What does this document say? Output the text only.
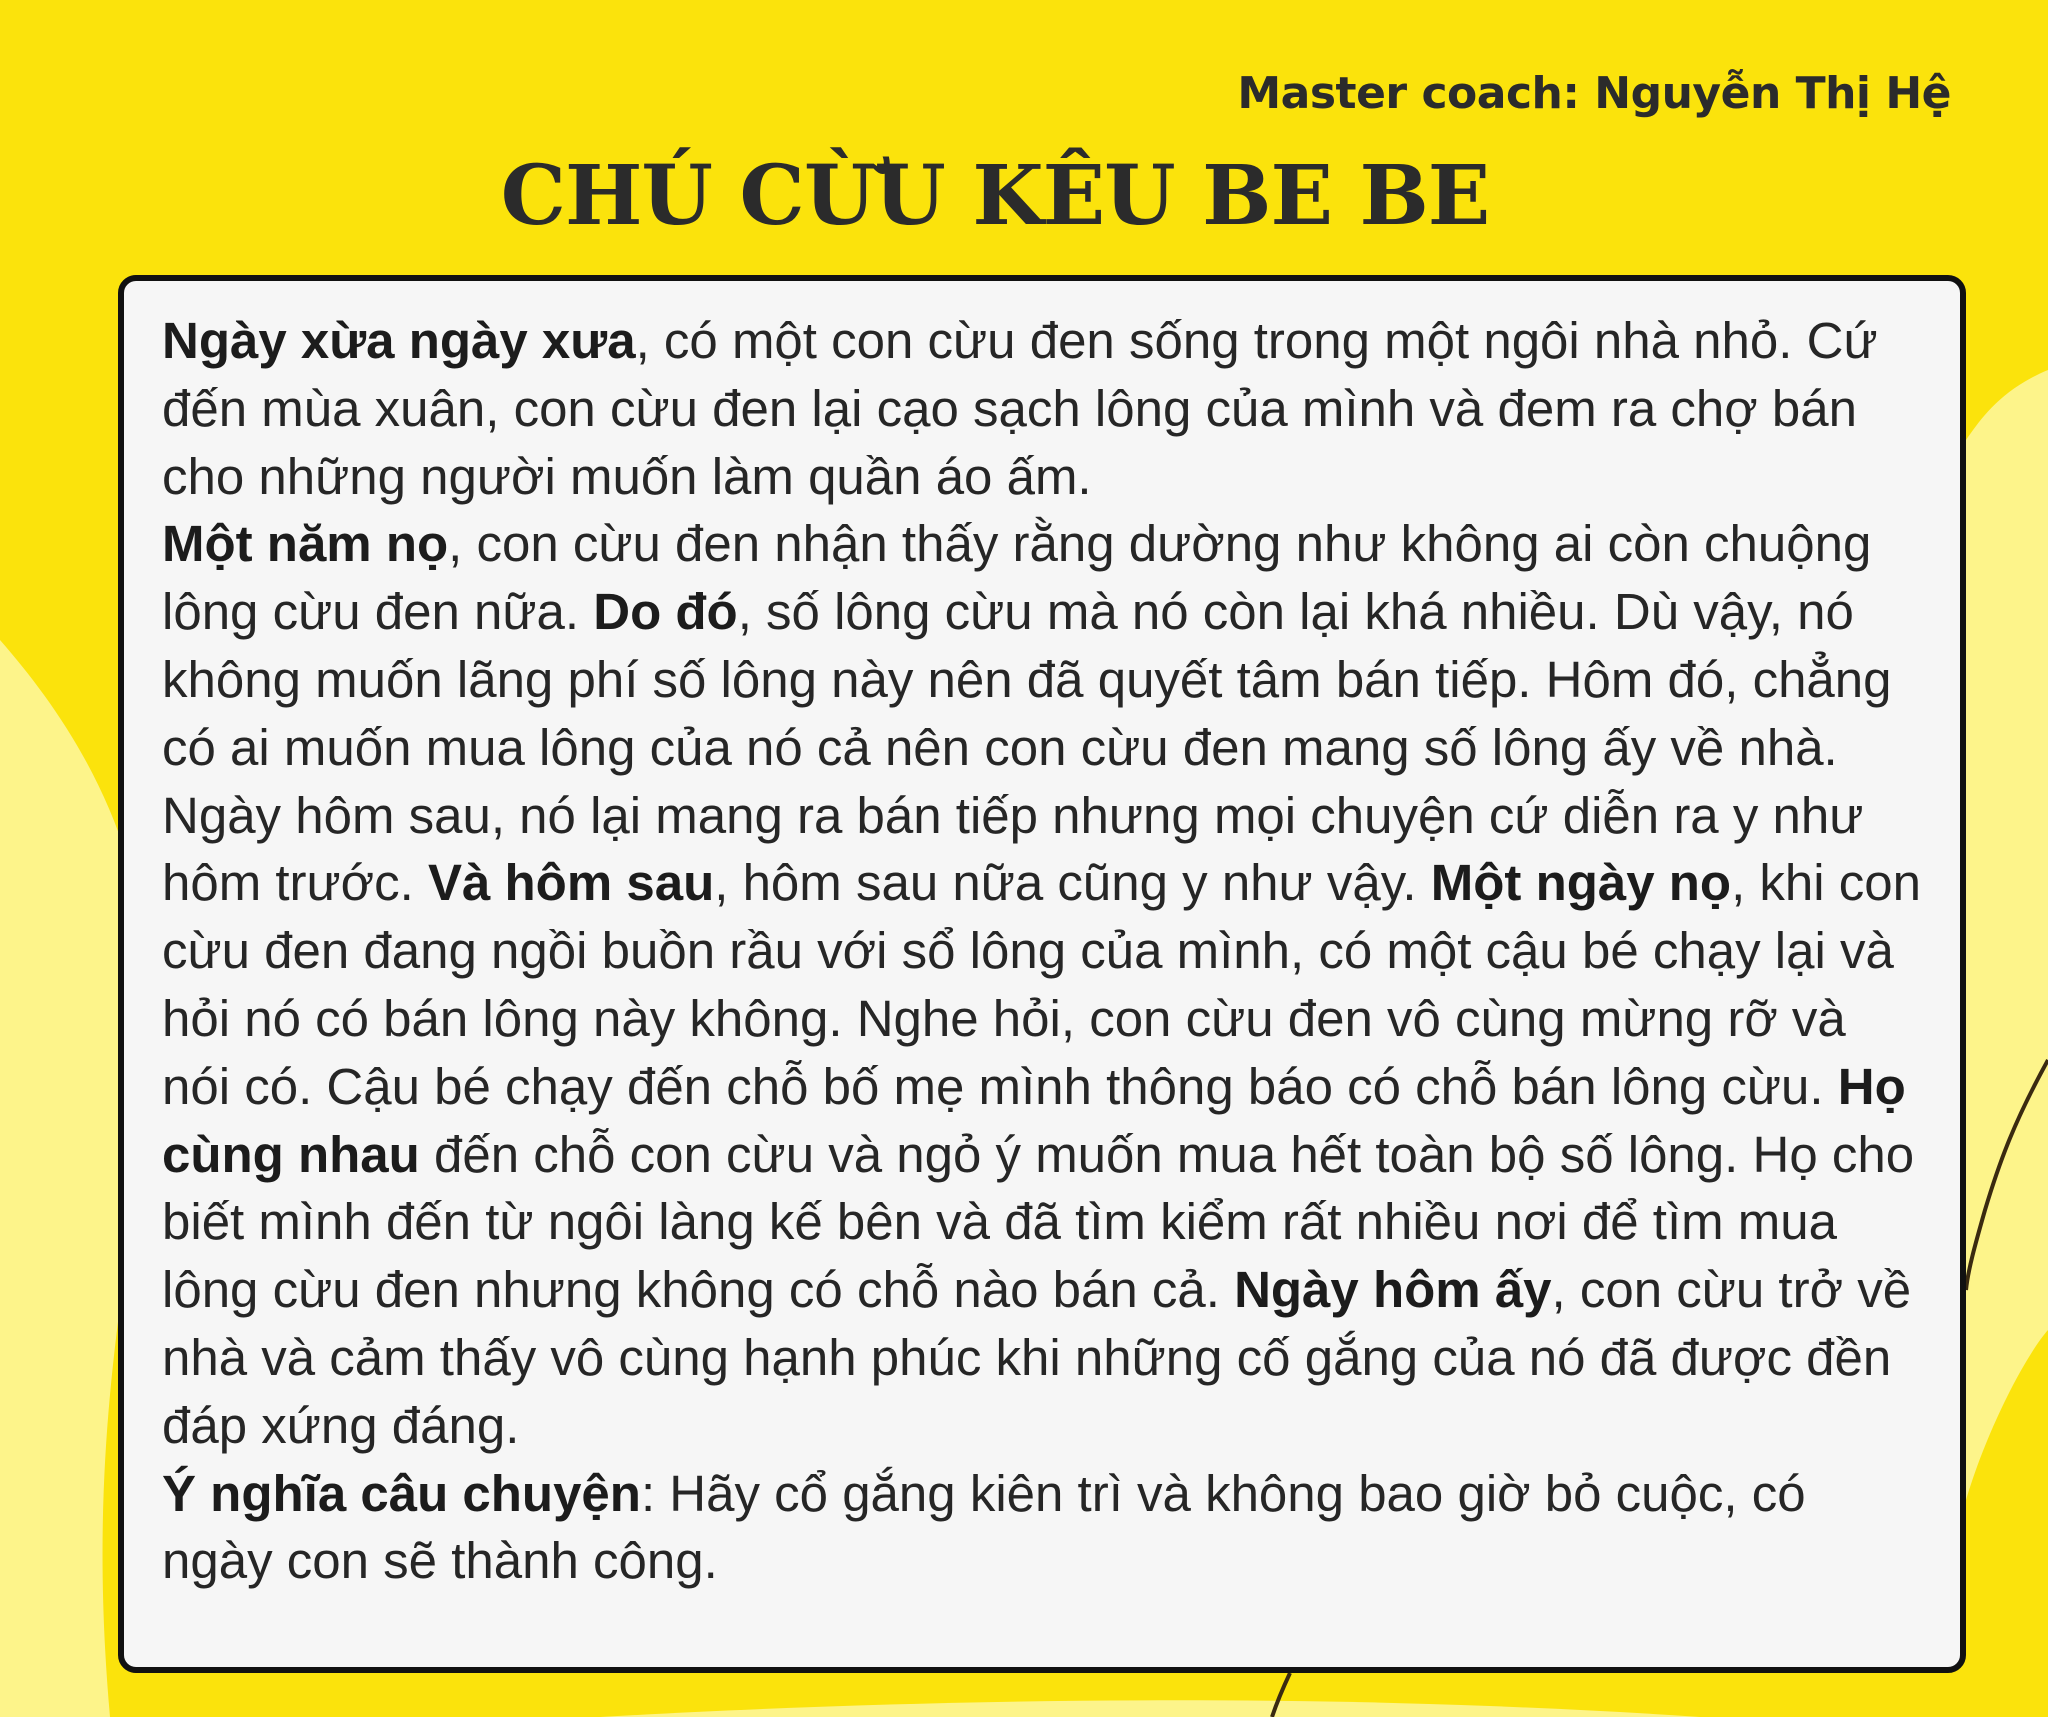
Master coach: Nguyễn Thị Hệ
CHÚ CỪU KÊU BE BE

Ngày xừa ngày xưa, có một con cừu đen sống trong một ngôi nhà nhỏ. Cứ đến mùa xuân, con cừu đen lại cạo sạch lông của mình và đem ra chợ bán cho những người muốn làm quần áo ấm.

Một năm nọ, con cừu đen nhận thấy rằng dường như không ai còn chuộng lông cừu đen nữa. Do đó, số lông cừu mà nó còn lại khá nhiều. Dù vậy, nó không muốn lãng phí số lông này nên đã quyết tâm bán tiếp. Hôm đó, chẳng có ai muốn mua lông của nó cả nên con cừu đen mang số lông ấy về nhà. Ngày hôm sau, nó lại mang ra bán tiếp nhưng mọi chuyện cứ diễn ra y như hôm trước. Và hôm sau, hôm sau nữa cũng y như vậy. Một ngày nọ, khi con cừu đen đang ngồi buồn rầu với sổ lông của mình, có một cậu bé chạy lại và hỏi nó có bán lông này không. Nghe hỏi, con cừu đen vô cùng mừng rỡ và nói có. Cậu bé chạy đến chỗ bố mẹ mình thông báo có chỗ bán lông cừu. Họ cùng nhau đến chỗ con cừu và ngỏ ý muốn mua hết toàn bộ số lông. Họ cho biết mình đến từ ngôi làng kế bên và đã tìm kiểm rất nhiều nơi để tìm mua lông cừu đen nhưng không có chỗ nào bán cả. Ngày hôm ấy, con cừu trở về nhà và cảm thấy vô cùng hạnh phúc khi những cố gắng của nó đã được đền đáp xứng đáng.

Ý nghĩa câu chuyện: Hãy cổ gắng kiên trì và không bao giờ bỏ cuộc, có ngày con sẽ thành công.
